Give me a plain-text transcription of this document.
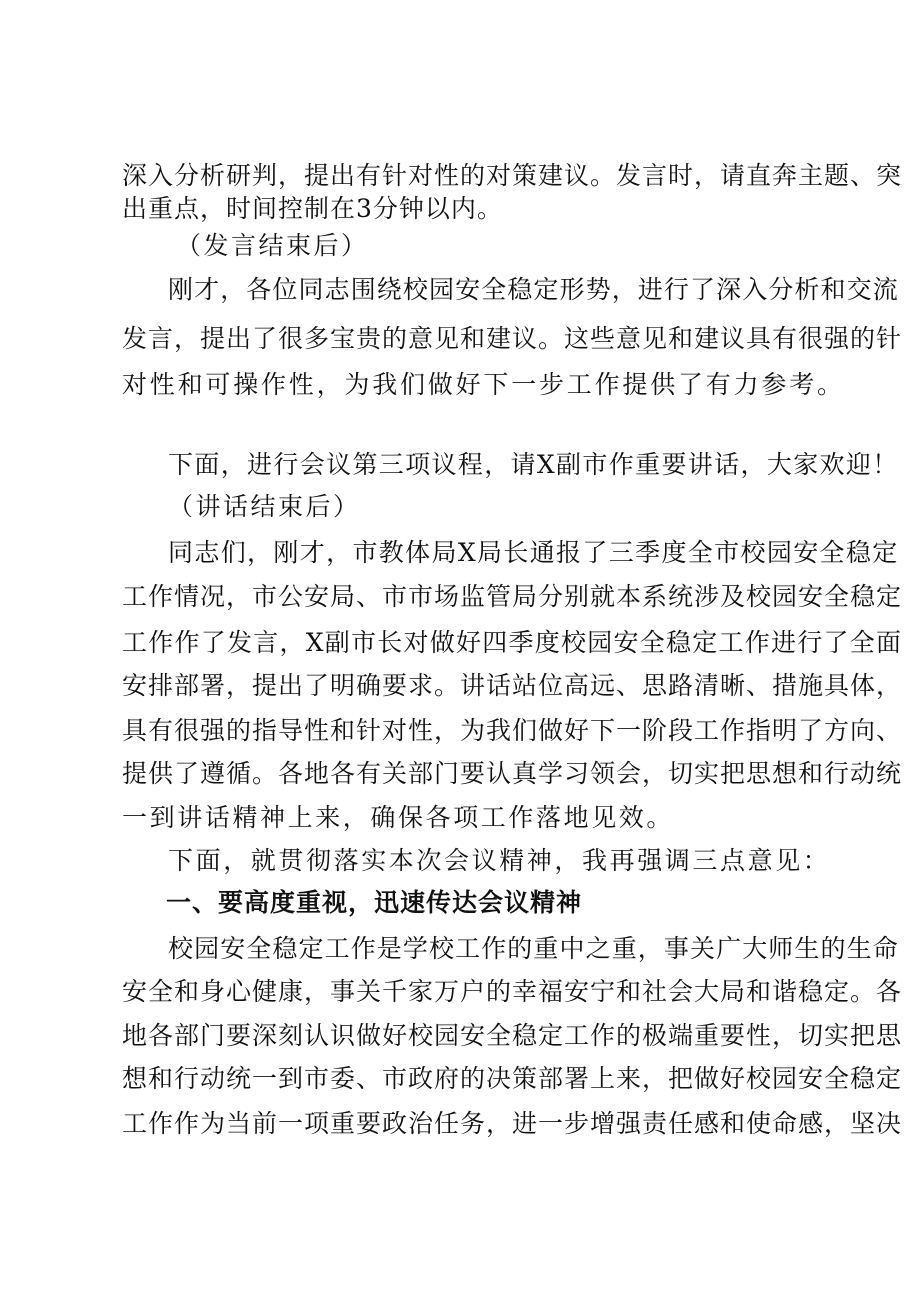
深入分析研判，提出有针对性的对策建议。发言时，请直奔主题、突
出重点，时间控制在3分钟以内。
（发言结束后）
刚才，各位同志围绕校园安全稳定形势，进行了深入分析和交流
发言，提出了很多宝贵的意见和建议。这些意见和建议具有很强的针
对性和可操作性，为我们做好下一步工作提供了有力参考。
下面，进行会议第三项议程，请X副市作重要讲话，大家欢迎！
（讲话结束后）
同志们，刚才，市教体局X局长通报了三季度全市校园安全稳定
工作情况，市公安局、市市场监管局分别就本系统涉及校园安全稳定
工作作了发言，X副市长对做好四季度校园安全稳定工作进行了全面
安排部署，提出了明确要求。讲话站位高远、思路清晰、措施具体，
具有很强的指导性和针对性，为我们做好下一阶段工作指明了方向、
提供了遵循。各地各有关部门要认真学习领会，切实把思想和行动统
一到讲话精神上来，确保各项工作落地见效。
下面，就贯彻落实本次会议精神，我再强调三点意见：
一、要高度重视，迅速传达会议精神
校园安全稳定工作是学校工作的重中之重，事关广大师生的生命
安全和身心健康，事关千家万户的幸福安宁和社会大局和谐稳定。各
地各部门要深刻认识做好校园安全稳定工作的极端重要性，切实把思
想和行动统一到市委、市政府的决策部署上来，把做好校园安全稳定
工作作为当前一项重要政治任务，进一步增强责任感和使命感，坚决
